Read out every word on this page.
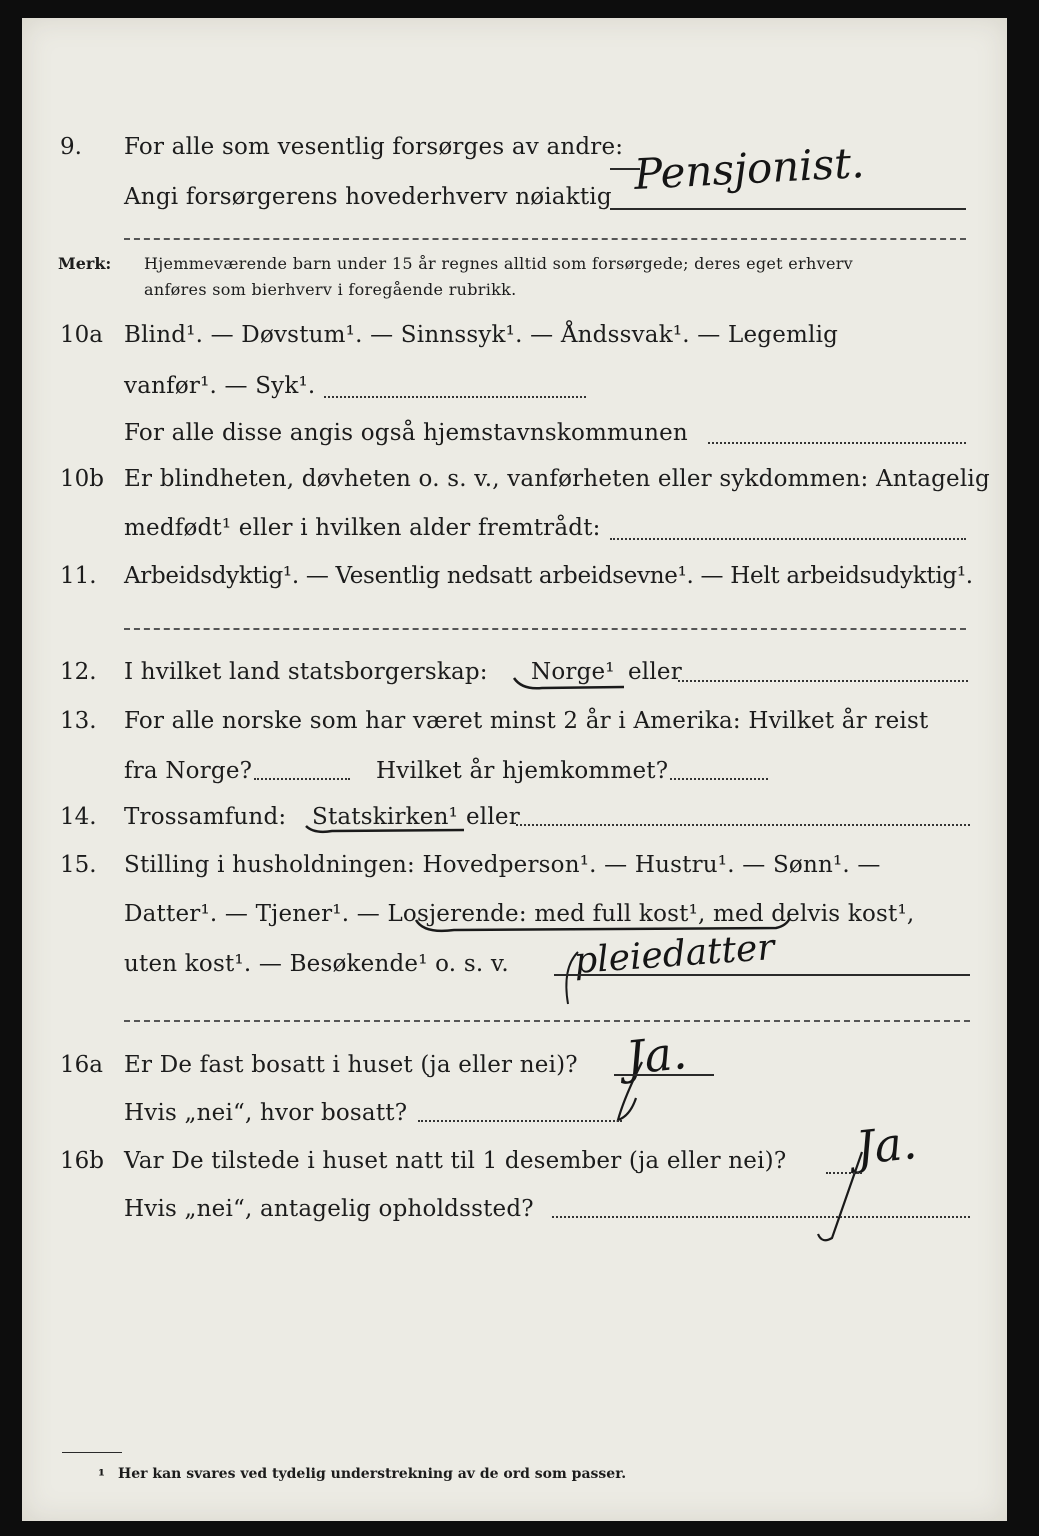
9. For alle som vesentlig forsørges av andre:
Angi forsørgerens hovederhverv nøiaktig Pensjonist.
Merk: Hjemmeværende barn under 15 år regnes alltid som forsørgede; deres eget erhverv
anføres som bierhverv i foregående rubrikk.
10a Blind¹. — Døvstum¹. — Sinnssyk¹. — Åndssvak¹. — Legemlig
vanfør¹. — Syk¹.
For alle disse angis også hjemstavnskommunen
10b Er blindheten, døvheten o. s. v., vanførheten eller sykdommen: Antagelig
medfødt¹ eller i hvilken alder fremtrådt:
11. Arbeidsdyktig¹. — Vesentlig nedsatt arbeidsevne¹. — Helt arbeidsudyktig¹.
12. I hvilket land statsborgerskap: Norge¹ eller
13. For alle norske som har været minst 2 år i Amerika: Hvilket år reist
fra Norge?	Hvilket år hjemkommet?
14. Trossamfund: Statskirken¹ eller
15. Stilling i husholdningen: Hovedperson¹. — Hustru¹. — Sønn¹. —
Datter¹. — Tjener¹. — Losjerende: med full kost¹, med delvis kost¹,
uten kost¹. — Besøkende¹ o. s. v. pleiedatter
16a Er De fast bosatt i huset (ja eller nei)? Ja.
Hvis „nei“, hvor bosatt?
16b Var De tilstede i huset natt til 1 desember (ja eller nei)? Ja.
Hvis „nei“, antagelig opholdssted?
¹ Her kan svares ved tydelig understrekning av de ord som passer.
